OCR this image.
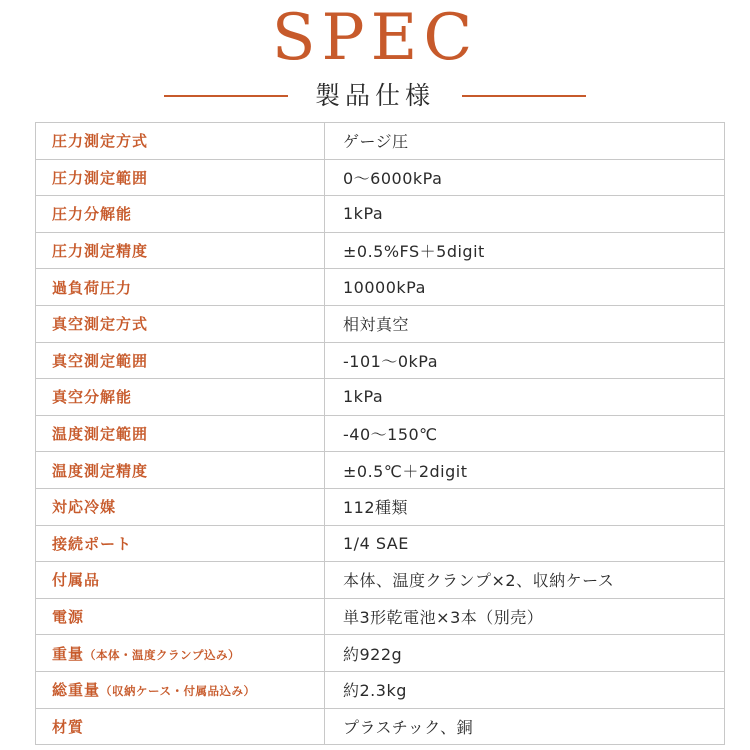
SPEC
製品仕様
圧力測定方式	ゲージ圧
圧力測定範囲	0〜6000kPa
圧力分解能	1kPa
圧力測定精度	±0.5%FS＋5digit
過負荷圧力	10000kPa
真空測定方式	相対真空
真空測定範囲	-101〜0kPa
真空分解能	1kPa
温度測定範囲	-40〜150℃
温度測定精度	±0.5℃＋2digit
対応冷媒	112種類
接続ポート	1/4 SAE
付属品	本体、温度クランプ×2、収納ケース
電源	単3形乾電池×3本（別売）
重量（本体・温度クランプ込み）	約922g
総重量（収納ケース・付属品込み）	約2.3kg
材質	プラスチック、銅
